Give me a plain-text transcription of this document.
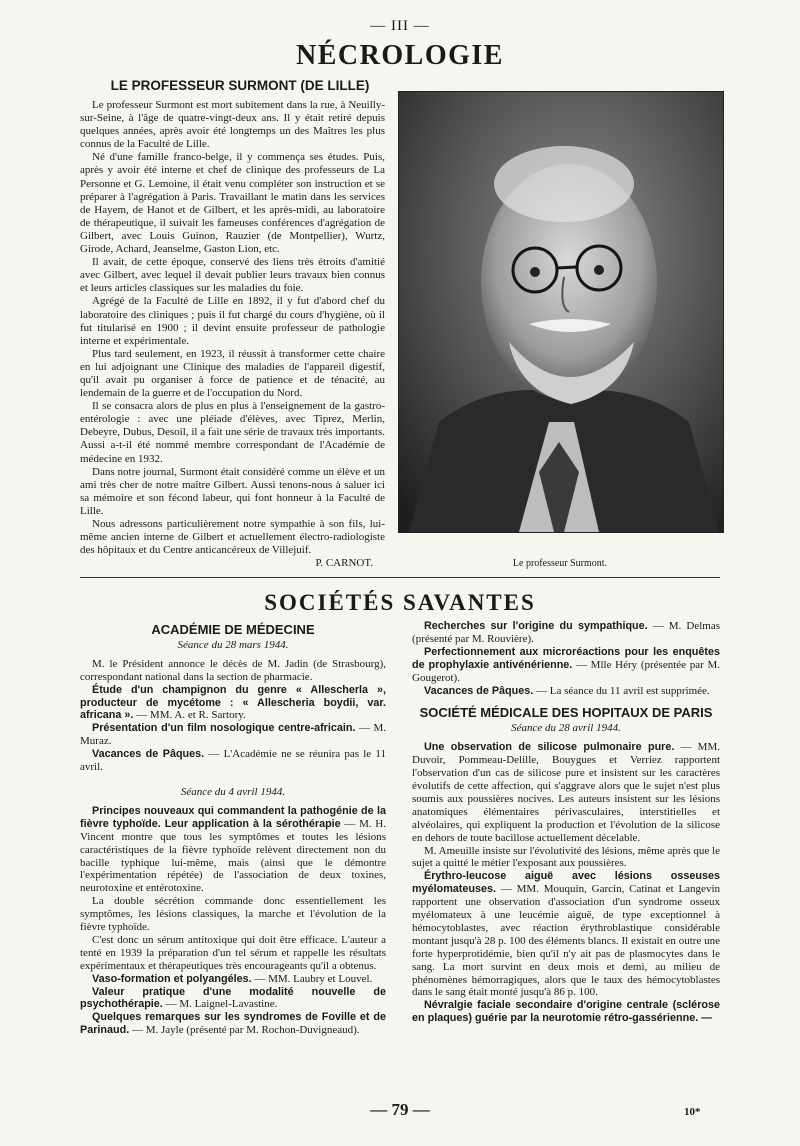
— III —
NÉCROLOGIE
LE PROFESSEUR SURMONT (DE LILLE)

Le professeur Surmont est mort subitement dans la rue, à Neuilly-sur-Seine, à l'âge de quatre-vingt-deux ans. Il y était retiré depuis quelques années, après avoir été longtemps un des Maîtres les plus connus de la Faculté de Lille.

Né d'une famille franco-belge, il y commença ses études. Puis, après y avoir été interne et chef de clinique des professeurs de La Personne et G. Lemoine, il était venu compléter son instruction et se préparer à l'agrégation à Paris. Travaillant le matin dans les services de Hayem, de Hanot et de Gilbert, et les après-midi, au laboratoire de thérapeutique, il suivait les fameuses conférences d'agrégation de Gilbert, avec Louis Guinon, Rauzier (de Montpellier), Wurtz, Girode, Achard, Jeanselme, Gaston Lion, etc.

Il avait, de cette époque, conservé des liens très étroits d'amitié avec Gilbert, avec lequel il devait publier leurs travaux bien connus et leurs articles classiques sur les maladies du foie.

Agrégé de la Faculté de Lille en 1892, il y fut d'abord chef du laboratoire des cliniques ; puis il fut chargé du cours d'hygiène, où il fut titularisé en 1900 ; il devint ensuite professeur de pathologie interne et expérimentale.

Plus tard seulement, en 1923, il réussit à transformer cette chaire en lui adjoignant une Clinique des maladies de l'appareil digestif, qu'il avait pu organiser à force de patience et de ténacité, au lendemain de la guerre et de l'occupation du Nord.

Il se consacra alors de plus en plus à l'enseignement de la gastro-entérologie : avec une pléiade d'élèves, avec Tiprez, Merlin, Debeyre, Dubus, Desoil, il a fait une série de travaux très importants. Aussi a-t-il été nommé membre correspondant de l'Académie de médecine en 1932.

Dans notre journal, Surmont était considéré comme un élève et un ami très cher de notre maître Gilbert. Aussi tenons-nous à saluer ici sa mémoire et son fécond labeur, qui font honneur à la Faculté de Lille.

Nous adressons particulièrement notre sympathie à son fils, lui-même ancien interne de Gilbert et actuellement électro-radiologiste des hôpitaux et du Centre anticancéreux de Villejuif.

P. CARNOT.	Le professeur Surmont.
SOCIÉTÉS SAVANTES
ACADÉMIE DE MÉDECINE
Séance du 28 mars 1944.

M. le Président annonce le décès de M. Jadin (de Strasbourg), correspondant national dans la section de pharmacie.

Étude d'un champignon du genre « Allescherla », producteur de mycétome : « Allescheria boydii, var. africana ». — MM. A. et R. Sartory.

Présentation d'un film nosologique centre-africain. — M. Muraz.

Vacances de Pâques. — L'Académie ne se réunira pas le 11 avril.

Séance du 4 avril 1944.

Principes nouveaux qui commandent la pathogénie de la fièvre typhoïde. Leur application à la sérothérapie — M. H. Vincent montre que tous les symptômes et toutes les lésions caractéristiques de la fièvre typhoïde relèvent directement non du bacille typhique lui-même, mais (ainsi que le démontre l'expérimentation répétée) de l'association de deux toxines, neurotoxine et entérotoxine.

La double sécrétion commande donc essentiellement les symptômes, les lésions classiques, la marche et l'évolution de la fièvre typhoïde.

C'est donc un sérum antitoxique qui doit être efficace. L'auteur a tenté en 1939 la préparation d'un tel sérum et rappelle les résultats expérimentaux et thérapeutiques très encourageants qu'il a obtenus.

Vaso-formation et polyangéles. — MM. Laubry et Louvel.

Valeur pratique d'une modalité nouvelle de psychothérapie. — M. Laignel-Lavastine.

Quelques remarques sur les syndromes de Foville et de Parinaud. — M. Jayle (présenté par M. Rochon-Duvigneaud).

Recherches sur l'origine du sympathique. — M. Delmas (présenté par M. Rouvière).

Perfectionnement aux microréactions pour les enquêtes de prophylaxie antivénérienne. — Mlle Héry (présentée par M. Gougerot).

Vacances de Pâques. — La séance du 11 avril est supprimée.

SOCIÉTÉ MÉDICALE DES HOPITAUX DE PARIS
Séance du 28 avril 1944.

Une observation de silicose pulmonaire pure. — MM. Duvoir, Pommeau-Delille, Bouygues et Verriez rapportent l'observation d'un cas de silicose pure et insistent sur les caractères évolutifs de cette affection, qui s'aggrave alors que le sujet n'est plus soumis aux poussières nocives. Les auteurs insistent sur les lésions anatomiques élémentaires périvasculaires, interstitielles et alvéolaires, qui expliquent la production et l'évolution de la silicose en dehors de toute bacillose actuellement décelable.

M. Ameuille insiste sur l'évolutivité des lésions, même après que le sujet a quitté le métier l'exposant aux poussières.

Érythro-leucose aiguë avec lésions osseuses myélomateuses. — MM. Mouquin, Garcin, Catinat et Langevin rapportent une observation d'association d'un syndrome osseux myélomateux à une leucémie aiguë, de type exceptionnel à hémocytoblastes, avec réaction érythroblastique considérable montant jusqu'à 28 p. 100 des éléments blancs. Il existait en outre une forte hyperprotidémie, bien qu'il n'y ait pas de plasmocytes dans le sang. La mort survint en deux mois et demi, au milieu de phénomènes hémorragiques, alors que le taux des hémocytoblastes dans le sang était monté jusqu'à 86 p. 100.

Névralgie faciale secondaire d'origine centrale (sclérose en plaques) guérie par la neurotomie rétro-gassérienne. —

— 79 —	10*
